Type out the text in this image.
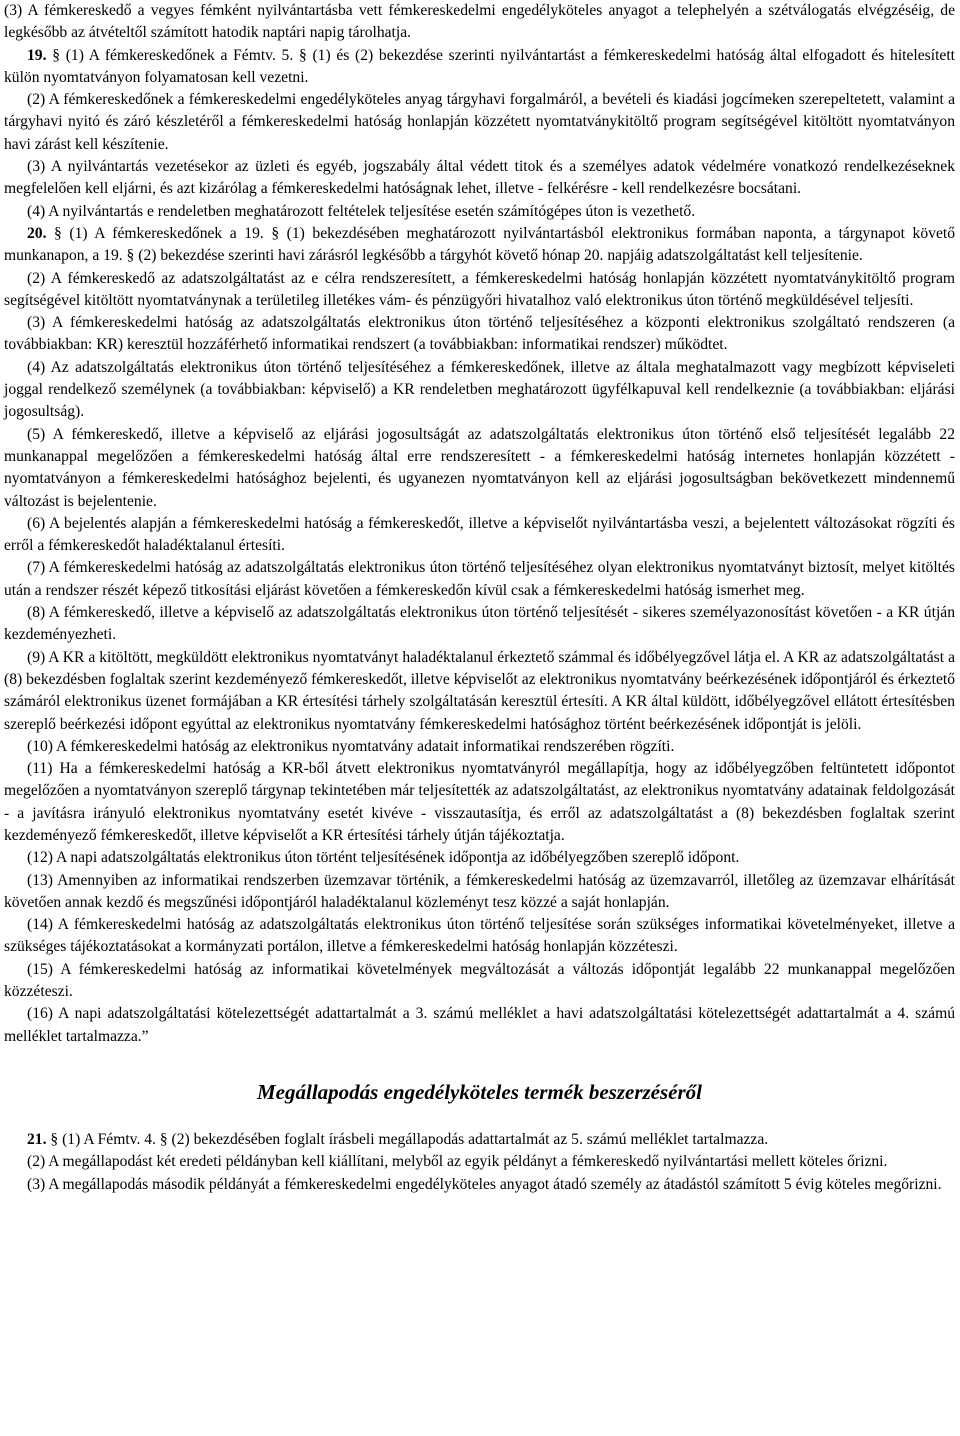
(3) A fémkereskedő a vegyes fémként nyilvántartásba vett fémkereskedelmi engedélyköteles anyagot a telephelyén a szétválogatás elvégzéséig, de legkésőbb az átvételtől számított hatodik naptári napig tárolhatja.

19. § (1) A fémkereskedőnek a Fémtv. 5. § (1) és (2) bekezdése szerinti nyilvántartást a fémkereskedelmi hatóság által elfogadott és hitelesített külön nyomtatványon folyamatosan kell vezetni.

(2) A fémkereskedőnek a fémkereskedelmi engedélyköteles anyag tárgyhavi forgalmáról, a bevételi és kiadási jogcímeken szerepeltetett, valamint a tárgyhavi nyitó és záró készletéről a fémkereskedelmi hatóság honlapján közzétett nyomtatványkitöltő program segítségével kitöltött nyomtatványon havi zárást kell készítenie.

(3) A nyilvántartás vezetésekor az üzleti és egyéb, jogszabály által védett titok és a személyes adatok védelmére vonatkozó rendelkezéseknek megfelelően kell eljárni, és azt kizárólag a fémkereskedelmi hatóságnak lehet, illetve - felkérésre - kell rendelkezésre bocsátani.

(4) A nyilvántartás e rendeletben meghatározott feltételek teljesítése esetén számítógépes úton is vezethető.

20. § (1) A fémkereskedőnek a 19. § (1) bekezdésében meghatározott nyilvántartásból elektronikus formában naponta, a tárgynapot követő munkanapon, a 19. § (2) bekezdése szerinti havi zárásról legkésőbb a tárgyhót követő hónap 20. napjáig adatszolgáltatást kell teljesítenie.

(2) A fémkereskedő az adatszolgáltatást az e célra rendszeresített, a fémkereskedelmi hatóság honlapján közzétett nyomtatványkitöltő program segítségével kitöltött nyomtatványnak a területileg illetékes vám- és pénzügyőri hivatalhoz való elektronikus úton történő megküldésével teljesíti.

(3) A fémkereskedelmi hatóság az adatszolgáltatás elektronikus úton történő teljesítéséhez a központi elektronikus szolgáltató rendszeren (a továbbiakban: KR) keresztül hozzáférhető informatikai rendszert (a továbbiakban: informatikai rendszer) működtet.

(4) Az adatszolgáltatás elektronikus úton történő teljesítéséhez a fémkereskedőnek, illetve az általa meghatalmazott vagy megbízott képviseleti joggal rendelkező személynek (a továbbiakban: képviselő) a KR rendeletben meghatározott ügyfélkapuval kell rendelkeznie (a továbbiakban: eljárási jogosultság).

(5) A fémkereskedő, illetve a képviselő az eljárási jogosultságát az adatszolgáltatás elektronikus úton történő első teljesítését legalább 22 munkanappal megelőzően a fémkereskedelmi hatóság által erre rendszeresített - a fémkereskedelmi hatóság internetes honlapján közzétett - nyomtatványon a fémkereskedelmi hatósághoz bejelenti, és ugyanezen nyomtatványon kell az eljárási jogosultságban bekövetkezett mindennemű változást is bejelentenie.

(6) A bejelentés alapján a fémkereskedelmi hatóság a fémkereskedőt, illetve a képviselőt nyilvántartásba veszi, a bejelentett változásokat rögzíti és erről a fémkereskedőt haladéktalanul értesíti.

(7) A fémkereskedelmi hatóság az adatszolgáltatás elektronikus úton történő teljesítéséhez olyan elektronikus nyomtatványt biztosít, melyet kitöltés után a rendszer részét képező titkosítási eljárást követően a fémkereskedőn kívül csak a fémkereskedelmi hatóság ismerhet meg.

(8) A fémkereskedő, illetve a képviselő az adatszolgáltatás elektronikus úton történő teljesítését - sikeres személyazonosítást követően - a KR útján kezdeményezheti.

(9) A KR a kitöltött, megküldött elektronikus nyomtatványt haladéktalanul érkeztető számmal és időbélyegzővel látja el. A KR az adatszolgáltatást a (8) bekezdésben foglaltak szerint kezdeményező fémkereskedőt, illetve képviselőt az elektronikus nyomtatvány beérkezésének időpontjáról és érkeztető számáról elektronikus üzenet formájában a KR értesítési tárhely szolgáltatásán keresztül értesíti. A KR által küldött, időbélyegzővel ellátott értesítésben szereplő beérkezési időpont egyúttal az elektronikus nyomtatvány fémkereskedelmi hatósághoz történt beérkezésének időpontját is jelöli.

(10) A fémkereskedelmi hatóság az elektronikus nyomtatvány adatait informatikai rendszerében rögzíti.

(11) Ha a fémkereskedelmi hatóság a KR-ből átvett elektronikus nyomtatványról megállapítja, hogy az időbélyegzőben feltüntetett időpontot megelőzően a nyomtatványon szereplő tárgynap tekintetében már teljesítették az adatszolgáltatást, az elektronikus nyomtatvány adatainak feldolgozását - a javításra irányuló elektronikus nyomtatvány esetét kivéve - visszautasítja, és erről az adatszolgáltatást a (8) bekezdésben foglaltak szerint kezdeményező fémkereskedőt, illetve képviselőt a KR értesítési tárhely útján tájékoztatja.

(12) A napi adatszolgáltatás elektronikus úton történt teljesítésének időpontja az időbélyegzőben szereplő időpont.

(13) Amennyiben az informatikai rendszerben üzemzavar történik, a fémkereskedelmi hatóság az üzemzavarról, illetőleg az üzemzavar elhárítását követően annak kezdő és megszűnési időpontjáról haladéktalanul közleményt tesz közzé a saját honlapján.

(14) A fémkereskedelmi hatóság az adatszolgáltatás elektronikus úton történő teljesítése során szükséges informatikai követelményeket, illetve a szükséges tájékoztatásokat a kormányzati portálon, illetve a fémkereskedelmi hatóság honlapján közzéteszi.

(15) A fémkereskedelmi hatóság az informatikai követelmények megváltozását a változás időpontját legalább 22 munkanappal megelőzően közzéteszi.

(16) A napi adatszolgáltatási kötelezettségét adattartalmát a 3. számú melléklet a havi adatszolgáltatási kötelezettségét adattartalmát a 4. számú melléklet tartalmazza.”

Megállapodás engedélyköteles termék beszerzéséről

21. § (1) A Fémtv. 4. § (2) bekezdésében foglalt írásbeli megállapodás adattartalmát az 5. számú melléklet tartalmazza.

(2) A megállapodást két eredeti példányban kell kiállítani, melyből az egyik példányt a fémkereskedő nyilvántartási mellett köteles őrizni.

(3) A megállapodás második példányát a fémkereskedelmi engedélyköteles anyagot átadó személy az átadástól számított 5 évig köteles megőrizni.
